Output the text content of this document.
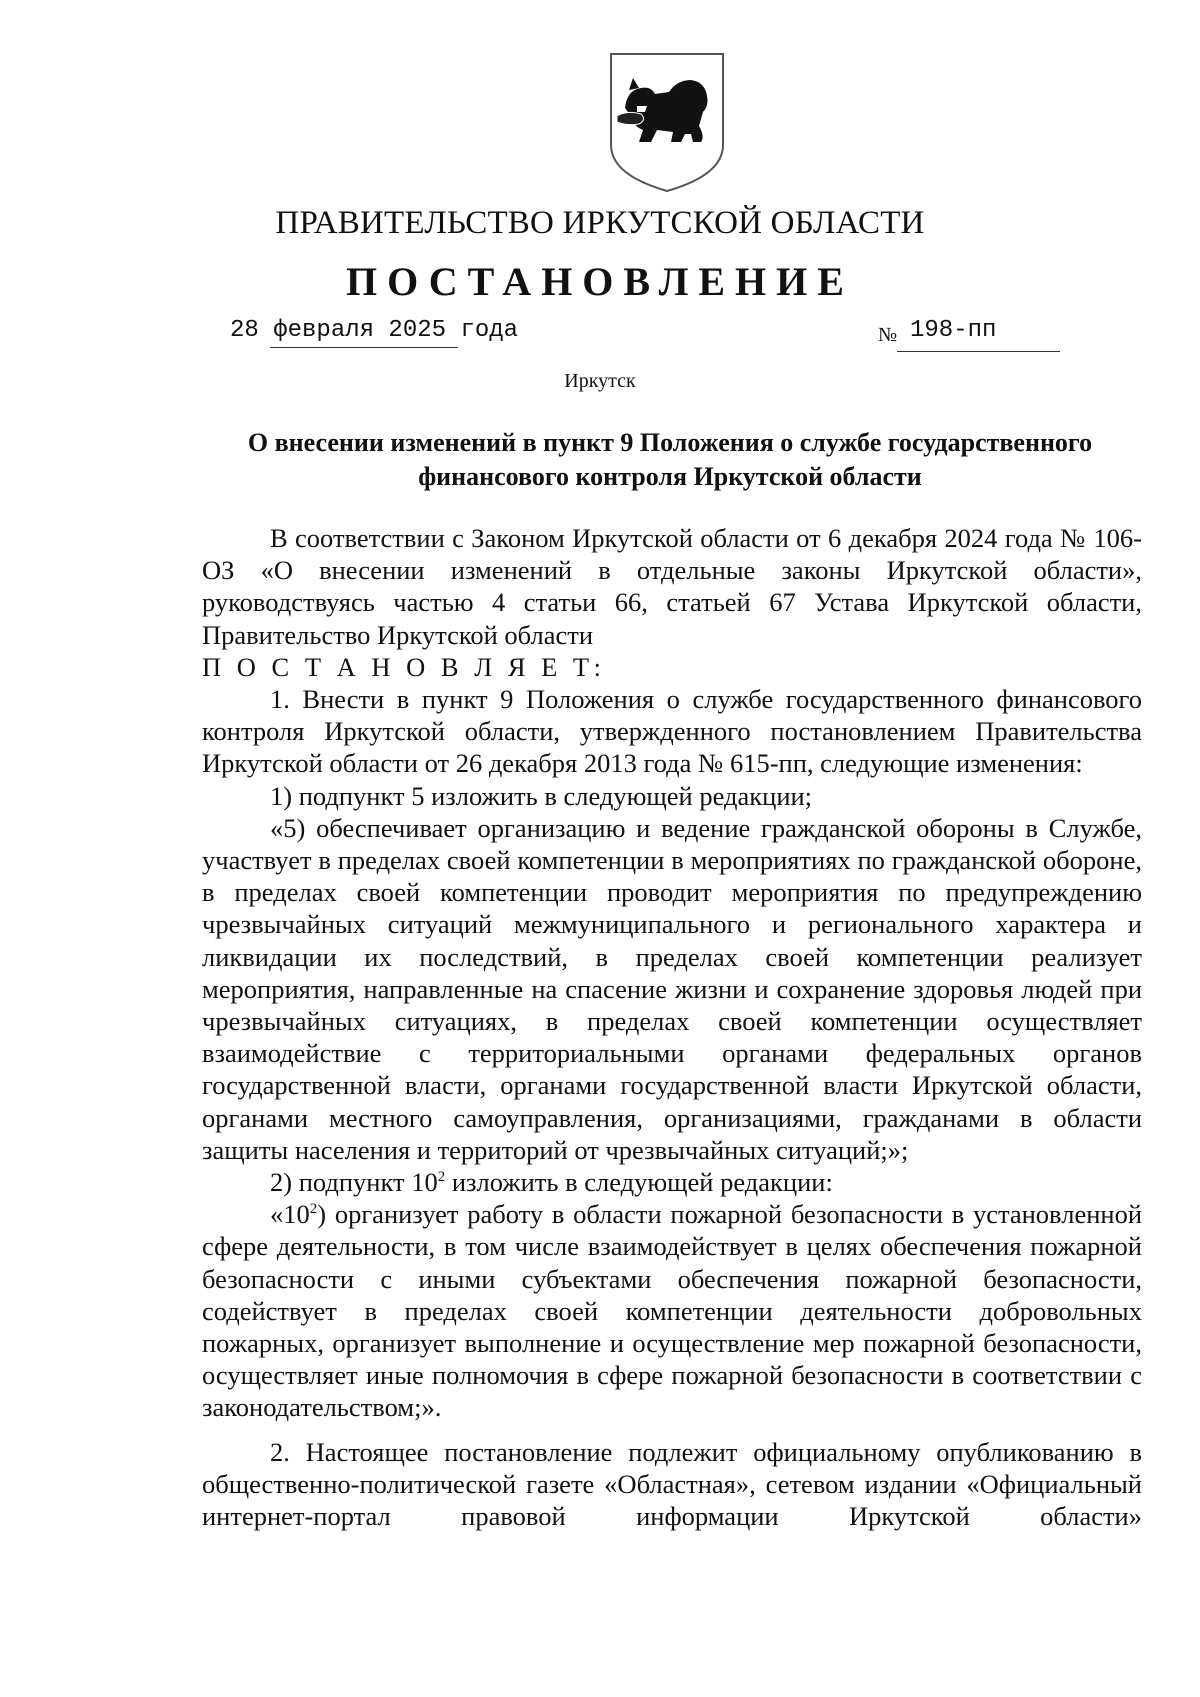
ПРАВИТЕЛЬСТВО ИРКУТСКОЙ ОБЛАСТИ
ПОСТАНОВЛЕНИЕ
28 февраля 2025 года	№ 198-пп
Иркутск
О внесении изменений в пункт 9 Положения о службе государственного
финансового контроля Иркутской области

В соответствии с Законом Иркутской области от 6 декабря 2024 года № 106-ОЗ «О внесении изменений в отдельные законы Иркутской области», руководствуясь частью 4 статьи 66, статьей 67 Устава Иркутской области, Правительство Иркутской области

П О С Т А Н О В Л Я Е Т:

1. Внести в пункт 9 Положения о службе государственного финансового контроля Иркутской области, утвержденного постановлением Правительства Иркутской области от 26 декабря 2013 года № 615-пп, следующие изменения:

1) подпункт 5 изложить в следующей редакции;

«5) обеспечивает организацию и ведение гражданской обороны в Службе, участвует в пределах своей компетенции в мероприятиях по гражданской обороне, в пределах своей компетенции проводит мероприятия по предупреждению чрезвычайных ситуаций межмуниципального и регионального характера и ликвидации их последствий, в пределах своей компетенции реализует мероприятия, направленные на спасение жизни и сохранение здоровья людей при чрезвычайных ситуациях, в пределах своей компетенции осуществляет взаимодействие с территориальными органами федеральных органов государственной власти, органами государственной власти Иркутской области, органами местного самоуправления, организациями, гражданами в области защиты населения и территорий от чрезвычайных ситуаций;»;

2) подпункт $10^2$ изложить в следующей редакции:

«$10^2$) организует работу в области пожарной безопасности в установленной сфере деятельности, в том числе взаимодействует в целях обеспечения пожарной безопасности с иными субъектами обеспечения пожарной безопасности, содействует в пределах своей компетенции деятельности добровольных пожарных, организует выполнение и осуществление мер пожарной безопасности, осуществляет иные полномочия в сфере пожарной безопасности в соответствии с законодательством;».

2. Настоящее постановление подлежит официальному опубликованию в общественно-политической газете «Областная», сетевом издании «Официальный интернет-портал правовой информации Иркутской области»
